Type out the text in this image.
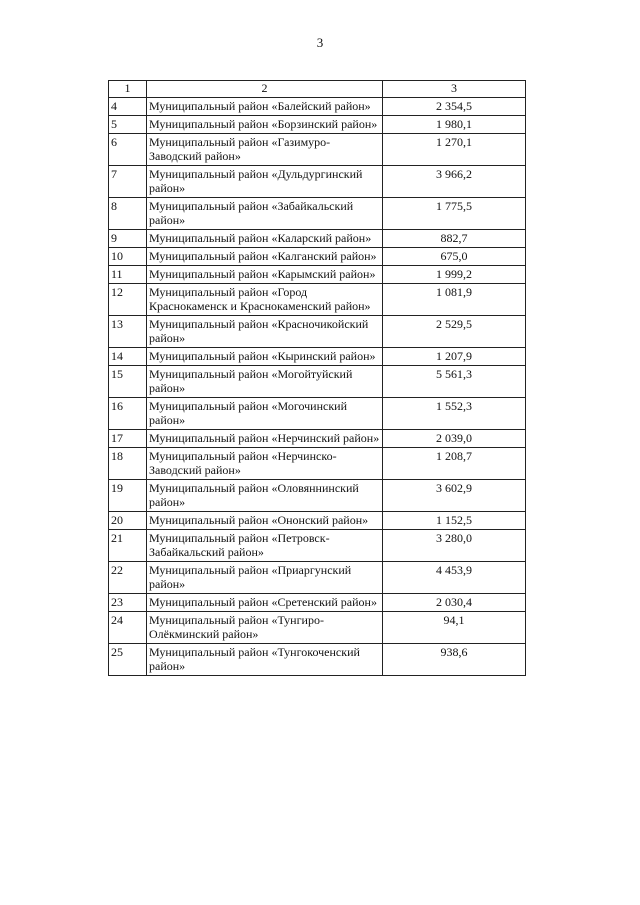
3
1	2	3
4	Муниципальный район «Балейский район»	2 354,5
5	Муниципальный район «Борзинский район»	1 980,1
6	Муниципальный район «Газимуро-Заводский район»	1 270,1
7	Муниципальный район «Дульдургинский район»	3 966,2
8	Муниципальный район «Забайкальский район»	1 775,5
9	Муниципальный район «Каларский район»	882,7
10	Муниципальный район «Калганский район»	675,0
11	Муниципальный район «Карымский район»	1 999,2
12	Муниципальный район «Город Краснокаменск и Краснокаменский район»	1 081,9
13	Муниципальный район «Красночикойский район»	2 529,5
14	Муниципальный район «Кыринский район»	1 207,9
15	Муниципальный район «Могойтуйский район»	5 561,3
16	Муниципальный район «Могочинский район»	1 552,3
17	Муниципальный район «Нерчинский район»	2 039,0
18	Муниципальный район «Нерчинско-Заводский район»	1 208,7
19	Муниципальный район «Оловяннинский район»	3 602,9
20	Муниципальный район «Ононский район»	1 152,5
21	Муниципальный район «Петровск-Забайкальский район»	3 280,0
22	Муниципальный район «Приаргунский район»	4 453,9
23	Муниципальный район «Сретенский район»	2 030,4
24	Муниципальный район «Тунгиро-Олёкминский район»	94,1
25	Муниципальный район «Тунгокоченский район»	938,6
